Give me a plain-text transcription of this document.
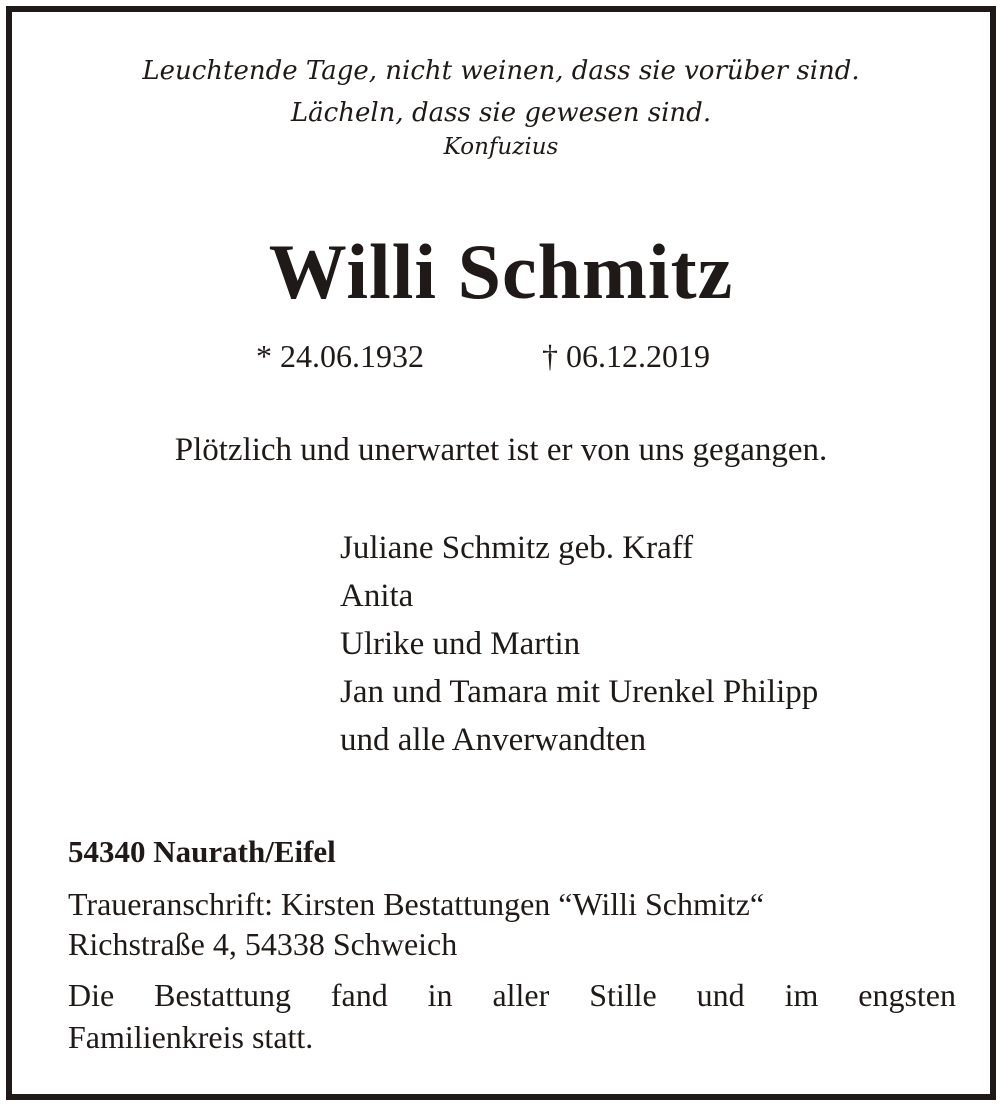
Leuchtende Tage, nicht weinen, dass sie vorüber sind.
Lächeln, dass sie gewesen sind.
Konfuzius
Willi Schmitz
* 24.06.1932	† 06.12.2019
Plötzlich und unerwartet ist er von uns gegangen.
Juliane Schmitz geb. Kraff
Anita
Ulrike und Martin
Jan und Tamara mit Urenkel Philipp
und alle Anverwandten
54340 Naurath/Eifel
Traueranschrift: Kirsten Bestattungen “Willi Schmitz“
Richstraße 4, 54338 Schweich
Die Bestattung fand in aller Stille und im engsten
Familienkreis statt.
